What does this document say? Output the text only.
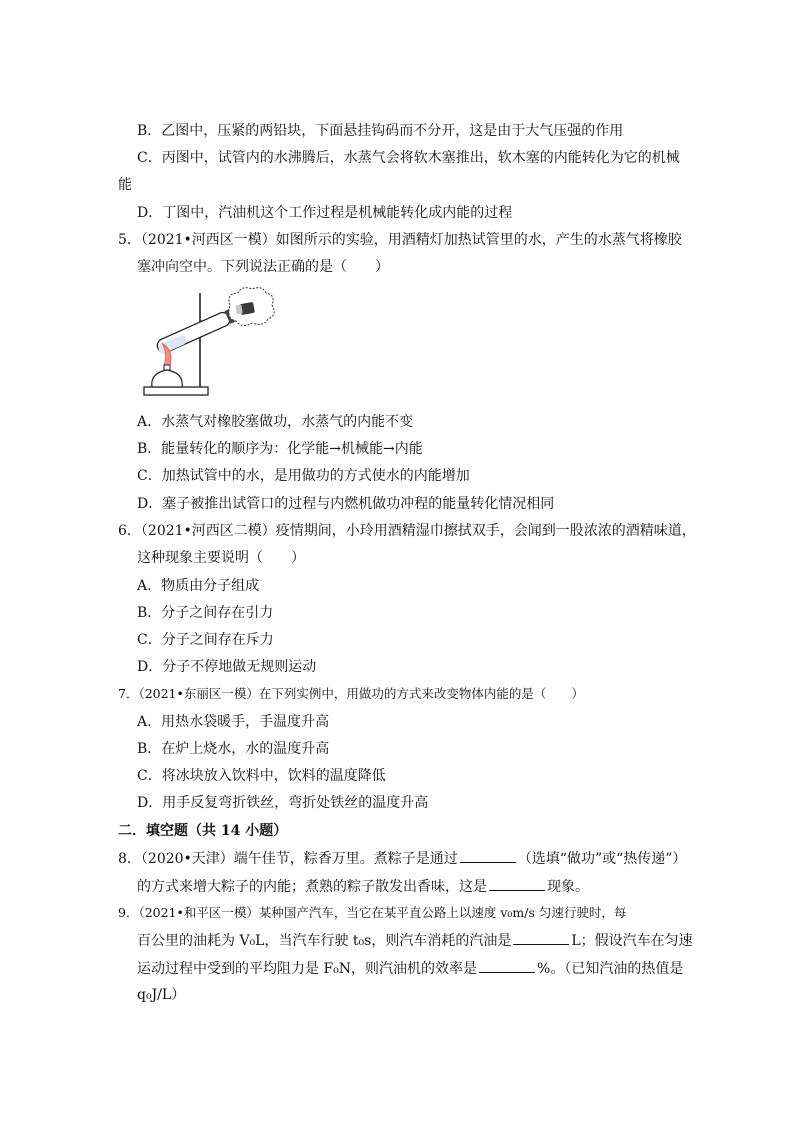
B．乙图中，压紧的两铅块，下面悬挂钩码而不分开，这是由于大气压强的作用
C．丙图中，试管内的水沸腾后，水蒸气会将软木塞推出，软木塞的内能转化为它的机械
能
D．丁图中，汽油机这个工作过程是机械能转化成内能的过程
5．（2021•河西区一模）如图所示的实验，用酒精灯加热试管里的水，产生的水蒸气将橡胶
塞冲向空中。下列说法正确的是（　　）
A．水蒸气对橡胶塞做功，水蒸气的内能不变
B．能量转化的顺序为：化学能→机械能→内能
C．加热试管中的水，是用做功的方式使水的内能增加
D．塞子被推出试管口的过程与内燃机做功冲程的能量转化情况相同
6．（2021•河西区二模）疫情期间，小玲用酒精湿巾擦拭双手，会闻到一股浓浓的酒精味道，
这种现象主要说明（　　）
A．物质由分子组成
B．分子之间存在引力
C．分子之间存在斥力
D．分子不停地做无规则运动
7．（2021•东丽区一模）在下列实例中，用做功的方式来改变物体内能的是（　　）
A．用热水袋暖手，手温度升高
B．在炉上烧水，水的温度升高
C．将冰块放入饮料中，饮料的温度降低
D．用手反复弯折铁丝，弯折处铁丝的温度升高
二．填空题（共 14 小题）
8．（2020•天津）端午佳节，粽香万里。煮粽子是通过	（选填“做功”或“热传递”）
的方式来增大粽子的内能；煮熟的粽子散发出香味，这是	现象。
9．（2021•和平区一模）某种国产汽车，当它在某平直公路上以速度 v₀m/s 匀速行驶时，每
百公里的油耗为 V₀L，当汽车行驶 t₀s，则汽车消耗的汽油是	L；假设汽车在匀速
运动过程中受到的平均阻力是 F₀N，则汽油机的效率是	%。（已知汽油的热值是
q₀J/L）
